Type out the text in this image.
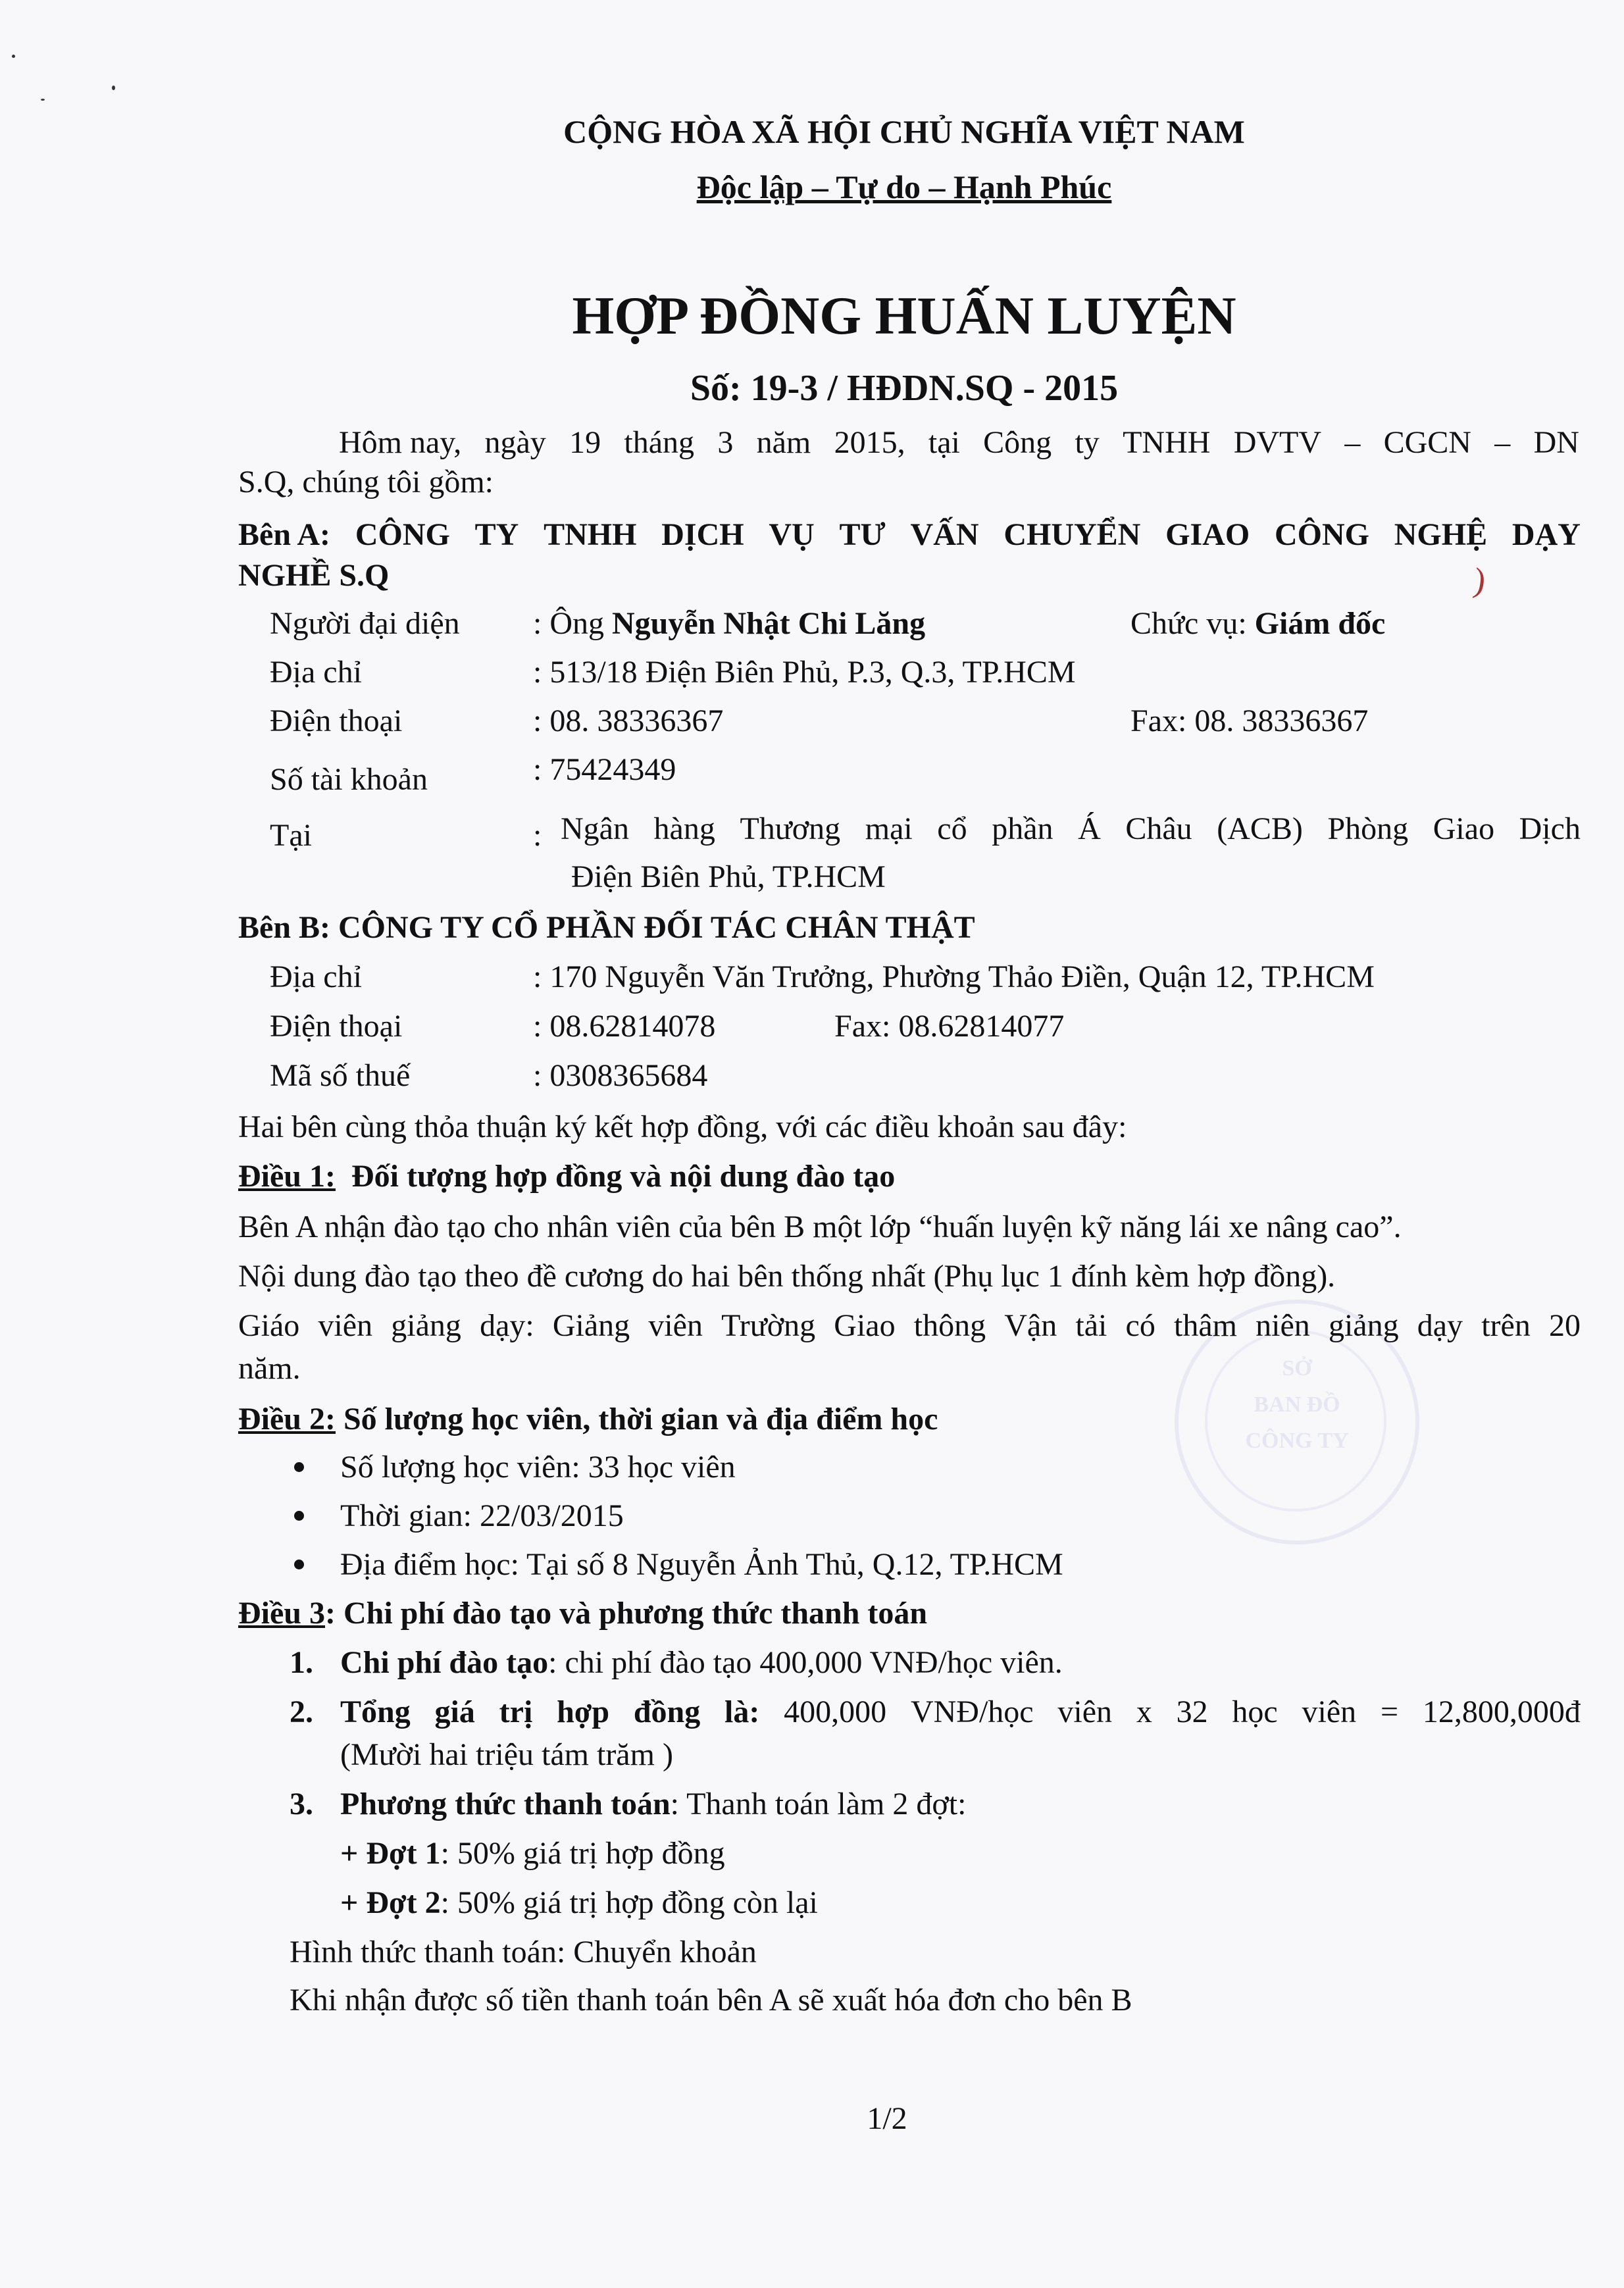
SỞ
BAN ĐỒ
CÔNG TY
CỘNG HÒA XÃ HỘI CHỦ NGHĨA VIỆT NAM
Độc lập – Tự do – Hạnh Phúc
HỢP ĐỒNG HUẤN LUYỆN
Số: 19-3 / HĐDN.SQ - 2015
Hôm nay, ngày 19 tháng 3 năm 2015, tại Công ty TNHH DVTV – CGCN – DN
S.Q, chúng tôi gồm:
Bên A: CÔNG TY TNHH DỊCH VỤ TƯ VẤN CHUYỂN GIAO CÔNG NGHỆ DẠY
NGHỀ S.Q	)
Người đại diện : Ông Nguyễn Nhật Chi Lăng	Chức vụ: Giám đốc
Địa chỉ	: 513/18 Điện Biên Phủ, P.3, Q.3, TP.HCM
Điện thoại	: 08. 38336367	Fax: 08. 38336367
Số tài khoản	: 75424349
Tại	: Ngân hàng Thương mại cổ phần Á Châu (ACB) Phòng Giao Dịch
Điện Biên Phủ, TP.HCM
Bên B: CÔNG TY CỔ PHẦN ĐỐI TÁC CHÂN THẬT
Địa chỉ	: 170 Nguyễn Văn Trưởng, Phường Thảo Điền, Quận 12, TP.HCM
Điện thoại	: 08.62814078	Fax: 08.62814077
Mã số thuế	: 0308365684
Hai bên cùng thỏa thuận ký kết hợp đồng, với các điều khoản sau đây:
Điều 1: Đối tượng hợp đồng và nội dung đào tạo
Bên A nhận đào tạo cho nhân viên của bên B một lớp “huấn luyện kỹ năng lái xe nâng cao”.
Nội dung đào tạo theo đề cương do hai bên thống nhất (Phụ lục 1 đính kèm hợp đồng).
Giáo viên giảng dạy: Giảng viên Trường Giao thông Vận tải có thâm niên giảng dạy trên 20
năm.
Điều 2: Số lượng học viên, thời gian và địa điểm học
Số lượng học viên: 33 học viên
Thời gian: 22/03/2015
Địa điểm học: Tại số 8 Nguyễn Ảnh Thủ, Q.12, TP.HCM
Điều 3: Chi phí đào tạo và phương thức thanh toán
1. Chi phí đào tạo: chi phí đào tạo 400,000 VNĐ/học viên.
2. Tổng giá trị hợp đồng là: 400,000 VNĐ/học viên x 32 học viên = 12,800,000đ
(Mười hai triệu tám trăm )
3. Phương thức thanh toán: Thanh toán làm 2 đợt:
+ Đợt 1: 50% giá trị hợp đồng
+ Đợt 2: 50% giá trị hợp đồng còn lại
Hình thức thanh toán: Chuyển khoản
Khi nhận được số tiền thanh toán bên A sẽ xuất hóa đơn cho bên B
1/2
